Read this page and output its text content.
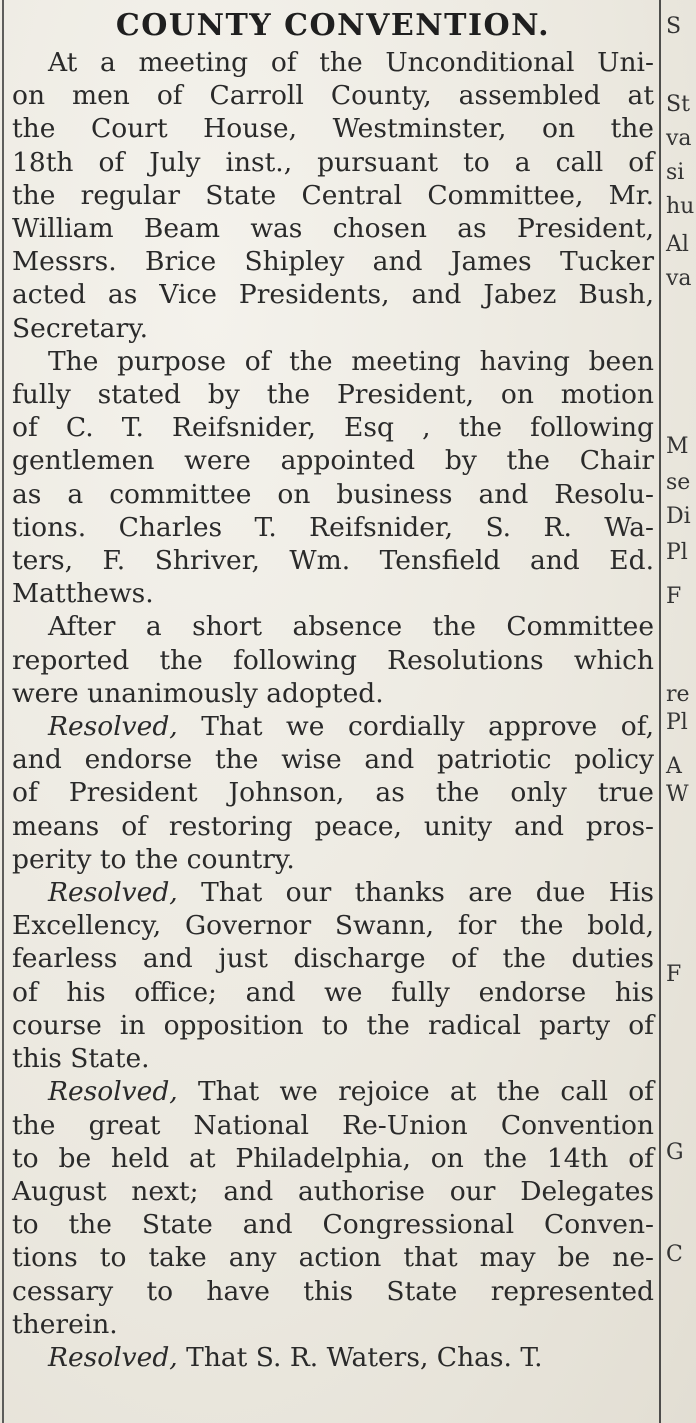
COUNTY CONVENTION.
At a meeting of the Unconditional Uni-
on men of Carroll County, assembled at
the Court House, Westminster, on the
18th of July inst., pursuant to a call of
the regular State Central Committee, Mr.
William Beam was chosen as President,
Messrs. Brice Shipley and James Tucker
acted as Vice Presidents, and Jabez Bush,
Secretary.
The purpose of the meeting having been
fully stated by the President, on motion
of C. T. Reifsnider, Esq , the following
gentlemen were appointed by the Chair
as a committee on business and Resolu-
tions. Charles T. Reifsnider, S. R. Wa-
ters, F. Shriver, Wm. Tensfield and Ed.
Matthews.
After a short absence the Committee
reported the following Resolutions which
were unanimously adopted.
Resolved, That we cordially approve of,
and endorse the wise and patriotic policy
of President Johnson, as the only true
means of restoring peace, unity and pros-
perity to the country.
Resolved, That our thanks are due His
Excellency, Governor Swann, for the bold,
fearless and just discharge of the duties
of his office; and we fully endorse his
course in opposition to the radical party of
this State.
Resolved, That we rejoice at the call of
the great National Re-Union Convention
to be held at Philadelphia, on the 14th of
August next; and authorise our Delegates
to the State and Congressional Conven-
tions to take any action that may be ne-
cessary to have this State represented
therein.
Resolved, That S. R. Waters, Chas. T.
S
St
va
si
hu
Al
va
M
se
Di
Pl
F
re
Pl
A
W
F
G
C
